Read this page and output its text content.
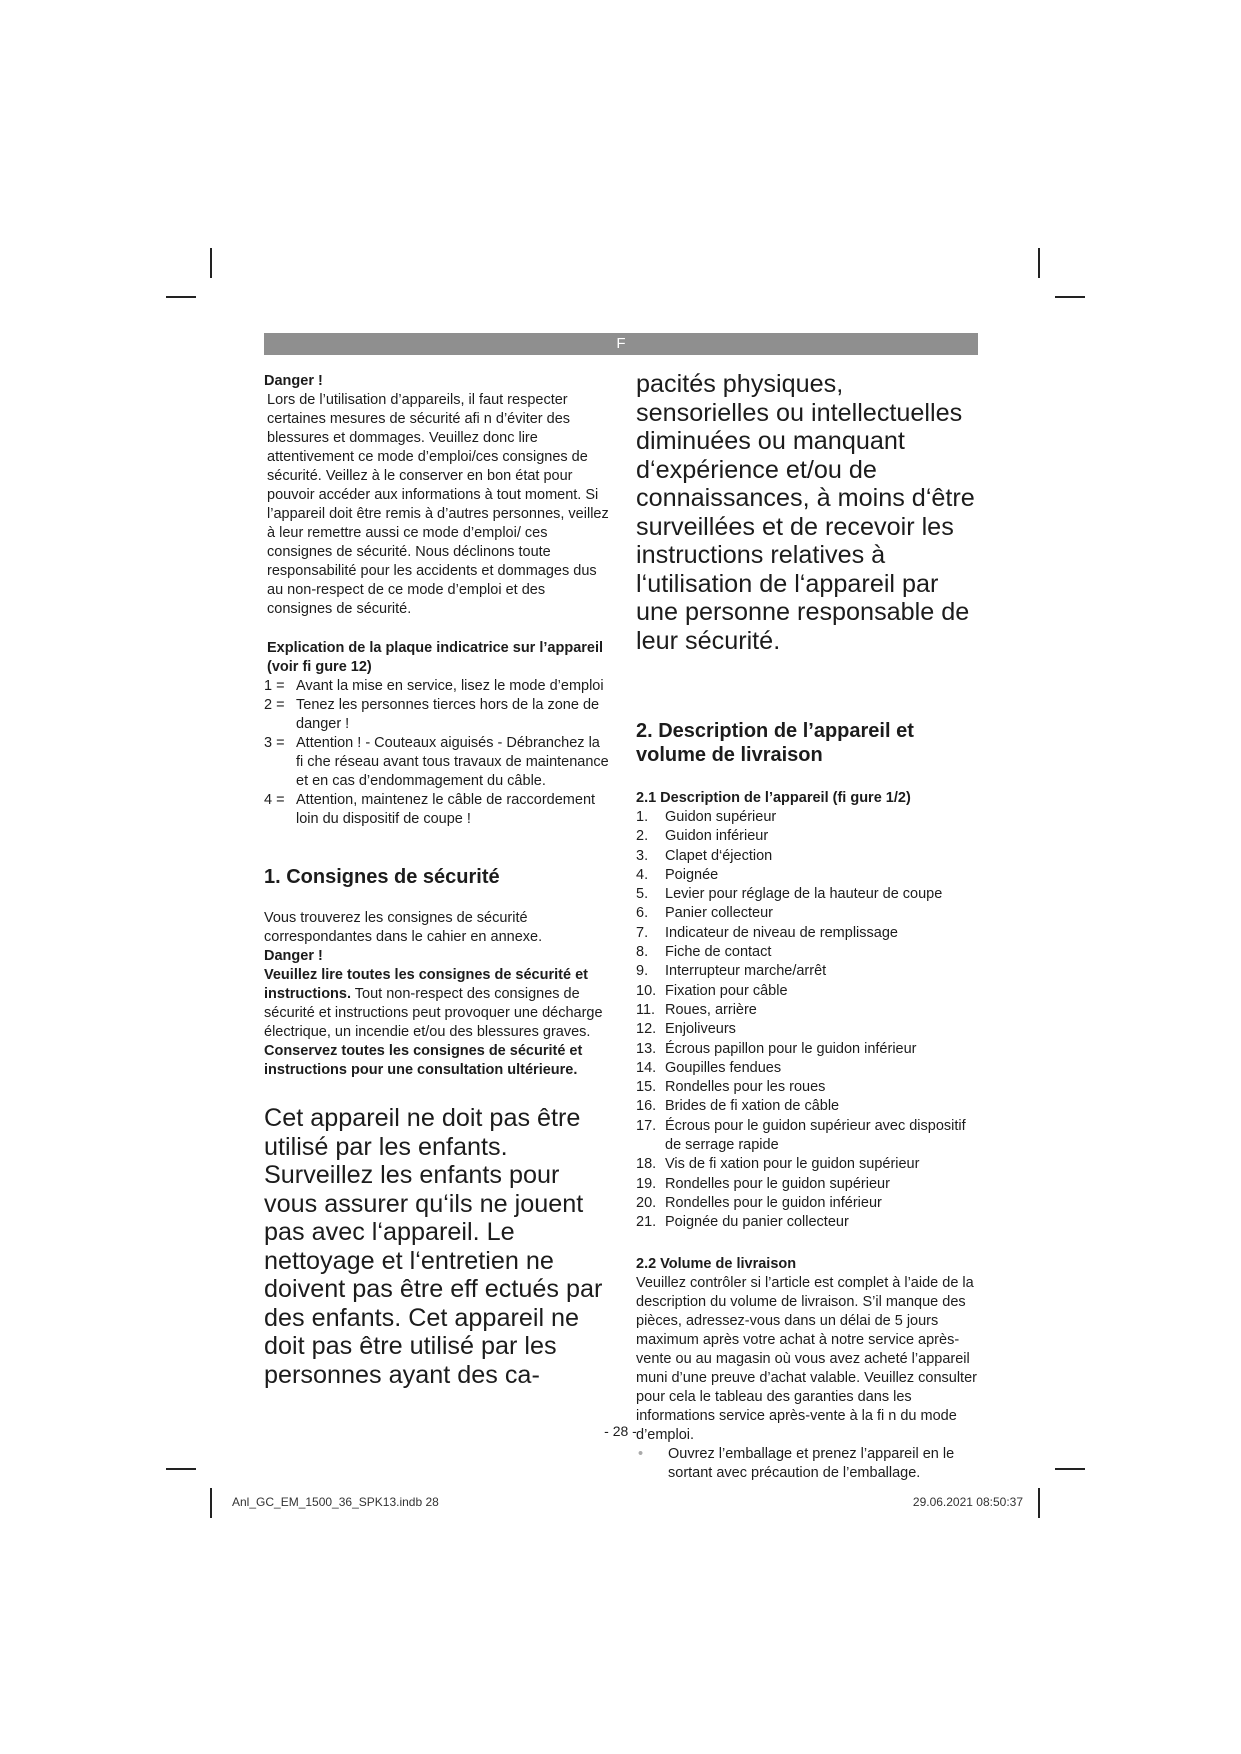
F

Danger !

Lors de l’utilisation d’appareils, il faut respecter certaines mesures de sécurité afi n d’éviter des blessures et dommages. Veuillez donc lire attentivement ce mode d’emploi/ces consignes de sécurité. Veillez à le conserver en bon état pour pouvoir accéder aux informations à tout moment. Si l’appareil doit être remis à d’autres personnes, veillez à leur remettre aussi ce mode d’emploi/ ces consignes de sécurité. Nous déclinons toute responsabilité pour les accidents et dommages dus au non-respect de ce mode d’emploi et des consignes de sécurité.

Explication de la plaque indicatrice sur l’appareil (voir fi gure 12)

1 = Avant la mise en service, lisez le mode d’emploi
2 = Tenez les personnes tierces hors de la zone de danger !
3 = Attention ! - Couteaux aiguisés - Débranchez la fi che réseau avant tous travaux de maintenance et en cas d’endommagement du câble.
4 = Attention, maintenez le câble de raccordement loin du dispositif de coupe !

1. Consignes de sécurité

Vous trouverez les consignes de sécurité correspondantes dans le cahier en annexe.

Danger !

Veuillez lire toutes les consignes de sécurité et instructions. Tout non-respect des consignes de sécurité et instructions peut provoquer une décharge électrique, un incendie et/ou des blessures graves.

Conservez toutes les consignes de sécurité et instructions pour une consultation ultérieure.

Cet appareil ne doit pas être utilisé par les enfants. Surveillez les enfants pour vous assurer qu‘ils ne jouent pas avec l‘appareil. Le nettoyage et l‘entretien ne doivent pas être eff ectués par des enfants. Cet appareil ne doit pas être utilisé par les personnes ayant des ca-

pacités physiques, sensorielles ou intellectuelles diminuées ou manquant d‘expérience et/ou de connaissances, à moins d‘être surveillées et de recevoir les instructions relatives à l‘utilisation de l‘appareil par une personne responsable de leur sécurité.

2. Description de l’appareil et volume de livraison

2.1 Description de l’appareil (fi gure 1/2)

1.	Guidon supérieur
2.	Guidon inférieur
3.	Clapet d‘éjection
4.	Poignée
5.	Levier pour réglage de la hauteur de coupe
6.	Panier collecteur
7.	Indicateur de niveau de remplissage
8.	Fiche de contact
9.	Interrupteur marche/arrêt
10. Fixation pour câble
11. Roues, arrière
12. Enjoliveurs
13. Écrous papillon pour le guidon inférieur
14. Goupilles fendues
15. Rondelles pour les roues
16. Brides de fi xation de câble
17. Écrous pour le guidon supérieur avec dispositif de serrage rapide
18. Vis de fi xation pour le guidon supérieur
19. Rondelles pour le guidon supérieur
20. Rondelles pour le guidon inférieur
21. Poignée du panier collecteur

2.2 Volume de livraison

Veuillez contrôler si l’article est complet à l’aide de la description du volume de livraison. S’il manque des pièces, adressez-vous dans un délai de 5 jours maximum après votre achat à notre service après-vente ou au magasin où vous avez acheté l’appareil muni d’une preuve d’achat valable. Veuillez consulter pour cela le tableau des garanties dans les informations service après-vente à la fi n du mode d’emploi.

•	Ouvrez l’emballage et prenez l’appareil en le sortant avec précaution de l’emballage.
- 28 -
Anl_GC_EM_1500_36_SPK13.indb 28	29.06.2021 08:50:37
